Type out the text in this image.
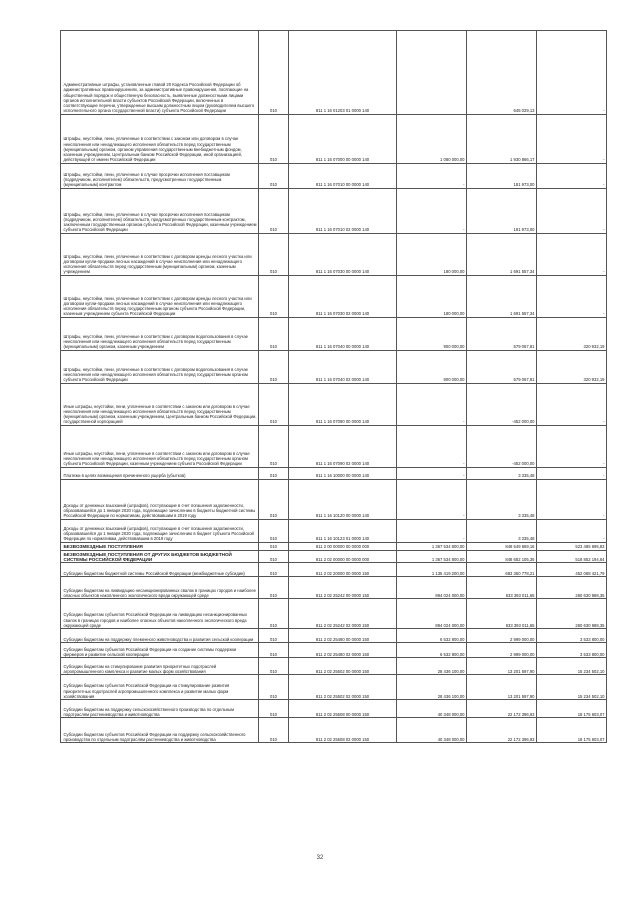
Административные штрафы, установленные главой 20 Кодекса Российской Федерации об административных правонарушениях, за административные правонарушения, посягающие на общественный порядок и общественную безопасность, выявленные должностными лицами органов исполнительной власти субъектов Российской Федерации, включенных в соответствующие перечни, утвержденные высшим должностным лицом (руководителем высшего исполнительного органа государственной власти) субъекта Российской Федерации	010	811 1 16 01203 01 0000 140		645 029,13	-
Штрафы, неустойки, пени, уплаченные в соответствии с законом или договором в случае неисполнения или ненадлежащего исполнения обязательств перед государственным (муниципальным) органом, органом управления государственным внебюджетным фондом, казенным учреждением, Центральным банком Российской Федерации, иной организацией, действующей от имени Российской Федерации	010	811 1 16 07000 00 0000 140	1 080 000,00	1 930 866,17	-
Штрафы, неустойки, пени, уплаченные в случае просрочки исполнения поставщиком (подрядчиком, исполнителем) обязательств, предусмотренных государственным (муниципальным) контрактом	010	811 1 16 07010 00 0000 140	-	181 973,00	-
Штрафы, неустойки, пени, уплаченные в случае просрочки исполнения поставщиком (подрядчиком, исполнителем) обязательств, предусмотренных государственным контрактом, заключенным государственным органом субъекта Российской Федерации, казенным учреждением субъекта Российской Федерации	010	811 1 16 07010 02 0000 140	-	181 973,00	-
Штрафы, неустойки, пени, уплаченные в соответствии с договором аренды лесного участка или договором купли-продажи лесных насаждений в случае неисполнения или ненадлежащего исполнения обязательств перед государственным (муниципальным) органом, казенным учреждением	010	811 1 16 07030 00 0000 140	180 000,00	1 691 557,34	-
Штрафы, неустойки, пени, уплаченные в соответствии с договором аренды лесного участка или договором купли-продажи лесных насаждений в случае неисполнения или ненадлежащего исполнения обязательств перед государственным органом субъекта Российской Федерации, казенным учреждением субъекта Российской Федерации	010	811 1 16 07030 02 0000 140	180 000,00	1 691 557,34	-
Штрафы, неустойки, пени, уплаченные в соответствии с договором водопользования в случае неисполнения или ненадлежащего исполнения обязательств перед государственным (муниципальным) органом, казенным учреждением	010	811 1 16 07040 00 0000 140	900 000,00	579 067,81	320 932,19
Штрафы, неустойки, пени, уплаченные в соответствии с договором водопользования в случае неисполнения или ненадлежащего исполнения обязательств перед государственным органом субъекта Российской Федерации	010	811 1 16 07040 02 0000 140	900 000,00	579 067,81	320 932,19
Иные штрафы, неустойки, пени, уплаченные в соответствии с законом или договором в случае неисполнения или ненадлежащего исполнения обязательств перед государственным (муниципальным) органом, казенным учреждением, Центральным банком Российской Федерации, государственной корпорацией	010	811 1 16 07090 00 0000 140	-	-452 000,00	-
Иные штрафы, неустойки, пени, уплаченные в соответствии с законом или договором в случае неисполнения или ненадлежащего исполнения обязательств перед государственным органом субъекта Российской Федерации, казенным учреждением субъекта Российской Федерации	010	811 1 16 07090 02 0000 140	-	-452 000,00	-
Платежи в целях возмещения причиненного ущерба (убытков)	010	811 1 16 10000 00 0000 140	-	3 335,48	-
Доходы от денежных взысканий (штрафов), поступающие в счет погашения задолженности, образовавшейся до 1 января 2020 года, подлежащие зачислению в бюджеты бюджетной системы Российской Федерации по нормативам, действовавшим в 2019 году	010	811 1 16 10120 00 0000 140	-	3 335,48	-
Доходы от денежных взысканий (штрафов), поступающие в счет погашения задолженности, образовавшейся до 1 января 2020 года, подлежащие зачислению в бюджет субъекта Российской Федерации по нормативам, действовавшим в 2019 году	010	811 1 16 10123 01 0000 140	-	3 335,48	-
БЕЗВОЗМЕЗДНЫЕ ПОСТУПЛЕНИЯ	010	811 2 00 00000 00 0000 000	1 367 534 800,00	848 649 669,16	523 485 695,83
БЕЗВОЗМЕЗДНЫЕ ПОСТУПЛЕНИЯ ОТ ДРУГИХ БЮДЖЕТОВ БЮДЖЕТНОЙ СИСТЕМЫ РОССИЙСКОЙ ФЕДЕРАЦИИ	010	811 2 02 00000 00 0000 000	1 367 534 800,00	848 682 105,36	518 852 194,64
Субсидии бюджетам бюджетной системы Российской Федерации (межбюджетные субсидии)	010	811 2 02 20000 00 0000 150	1 135 419 200,00	683 350 778,21	452 068 421,79
Субсидии бюджетам на ликвидацию несанкционированных свалок в границах городов и наиболее опасных объектов накопленного экологического вреда окружающей среде	010	811 2 02 25242 00 0000 150	894 024 000,00	633 393 011,65	260 630 988,35
Субсидии бюджетам субъектов Российской Федерации на ликвидацию несанкционированных свалок в границах городов и наиболее опасных объектов накопленного экологического вреда окружающей среде	010	811 2 02 25242 02 0000 150	894 024 000,00	633 393 011,65	260 630 988,35
Субсидии бюджетам на поддержку племенного животноводства и развития сельской кооперации	010	811 2 02 25480 00 0000 150	6 532 800,00	2 999 000,00	3 533 800,00
Субсидии бюджетам субъектов Российской Федерации на создание системы поддержки фермеров и развитие сельской кооперации	010	811 2 02 25480 02 0000 150	6 532 800,00	2 999 000,00	3 533 800,00
Субсидии бюджетам на стимулирование развития приоритетных подотраслей агропромышленного комплекса и развитие малых форм хозяйствования	010	811 2 02 25502 00 0000 150	28 436 100,00	13 201 597,90	15 234 502,10
Субсидии бюджетам субъектов Российской Федерации на стимулирование развития приоритетных подотраслей агропромышленного комплекса и развитие малых форм хозяйствования	010	811 2 02 25502 02 0000 150	28 436 100,00	13 201 597,90	15 234 502,10
Субсидии бюджетам на поддержку сельскохозяйственного производства по отдельным подотраслям растениеводства и животноводства	010	811 2 02 25508 00 0000 150	40 348 000,00	22 172 396,93	18 175 603,07
Субсидии бюджетам субъектов Российской Федерации на поддержку сельскохозяйственного производства по отдельным подотраслям растениеводства и животноводства	010	811 2 02 25508 02 0000 150	40 348 000,00	22 172 396,93	18 175 603,07
32
